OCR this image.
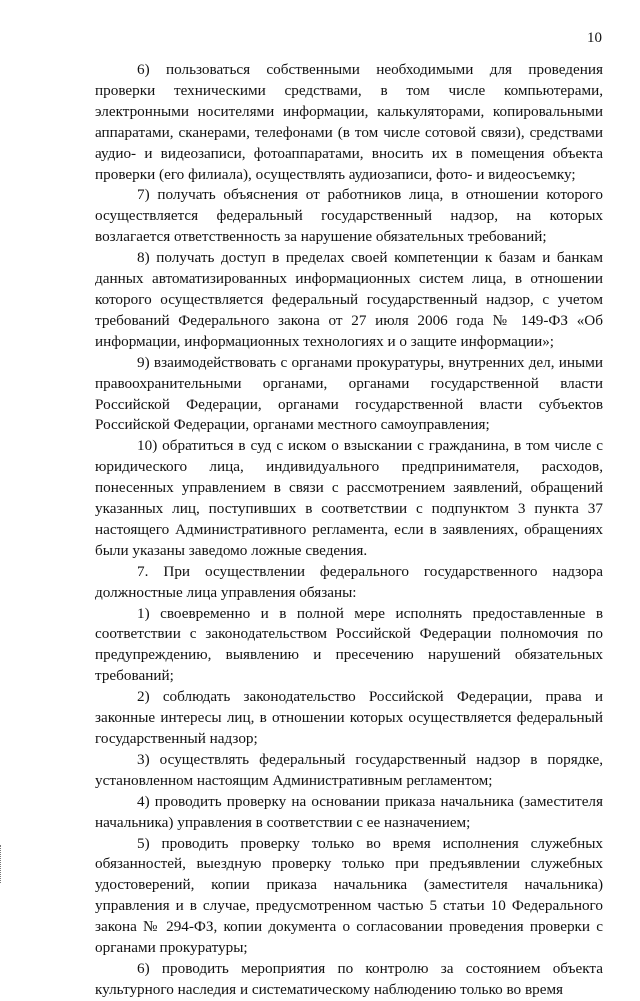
10

6) пользоваться собственными необходимыми для проведения проверки техническими средствами, в том числе компьютерами, электронными носителями информации, калькуляторами, копировальными аппаратами, сканерами, телефонами (в том числе сотовой связи), средствами аудио- и видеозаписи, фотоаппаратами, вносить их в помещения объекта проверки (его филиала), осуществлять аудиозаписи, фото- и видеосъемку;

7) получать объяснения от работников лица, в отношении которого осуществляется федеральный государственный надзор, на которых возлагается ответственность за нарушение обязательных требований;

8) получать доступ в пределах своей компетенции к базам и банкам данных автоматизированных информационных систем лица, в отношении которого осуществляется федеральный государственный надзор, с учетом требований Федерального закона от 27 июля 2006 года № 149-ФЗ «Об информации, информационных технологиях и о защите информации»;

9) взаимодействовать с органами прокуратуры, внутренних дел, иными правоохранительными органами, органами государственной власти Российской Федерации, органами государственной власти субъектов Российской Федерации, органами местного самоуправления;

10) обратиться в суд с иском о взыскании с гражданина, в том числе с юридического лица, индивидуального предпринимателя, расходов, понесенных управлением в связи с рассмотрением заявлений, обращений указанных лиц, поступивших в соответствии с подпунктом 3 пункта 37 настоящего Административного регламента, если в заявлениях, обращениях были указаны заведомо ложные сведения.

7. При осуществлении федерального государственного надзора должностные лица управления обязаны:

1) своевременно и в полной мере исполнять предоставленные в соответствии с законодательством Российской Федерации полномочия по предупреждению, выявлению и пресечению нарушений обязательных требований;

2) соблюдать законодательство Российской Федерации, права и законные интересы лиц, в отношении которых осуществляется федеральный государственный надзор;

3) осуществлять федеральный государственный надзор в порядке, установленном настоящим Административным регламентом;

4) проводить проверку на основании приказа начальника (заместителя начальника) управления в соответствии с ее назначением;

5) проводить проверку только во время исполнения служебных обязанностей, выездную проверку только при предъявлении служебных удостоверений, копии приказа начальника (заместителя начальника) управления и в случае, предусмотренном частью 5 статьи 10 Федерального закона № 294-ФЗ, копии документа о согласовании проведения проверки с органами прокуратуры;

6) проводить мероприятия по контролю за состоянием объекта культурного наследия и систематическому наблюдению только во время
